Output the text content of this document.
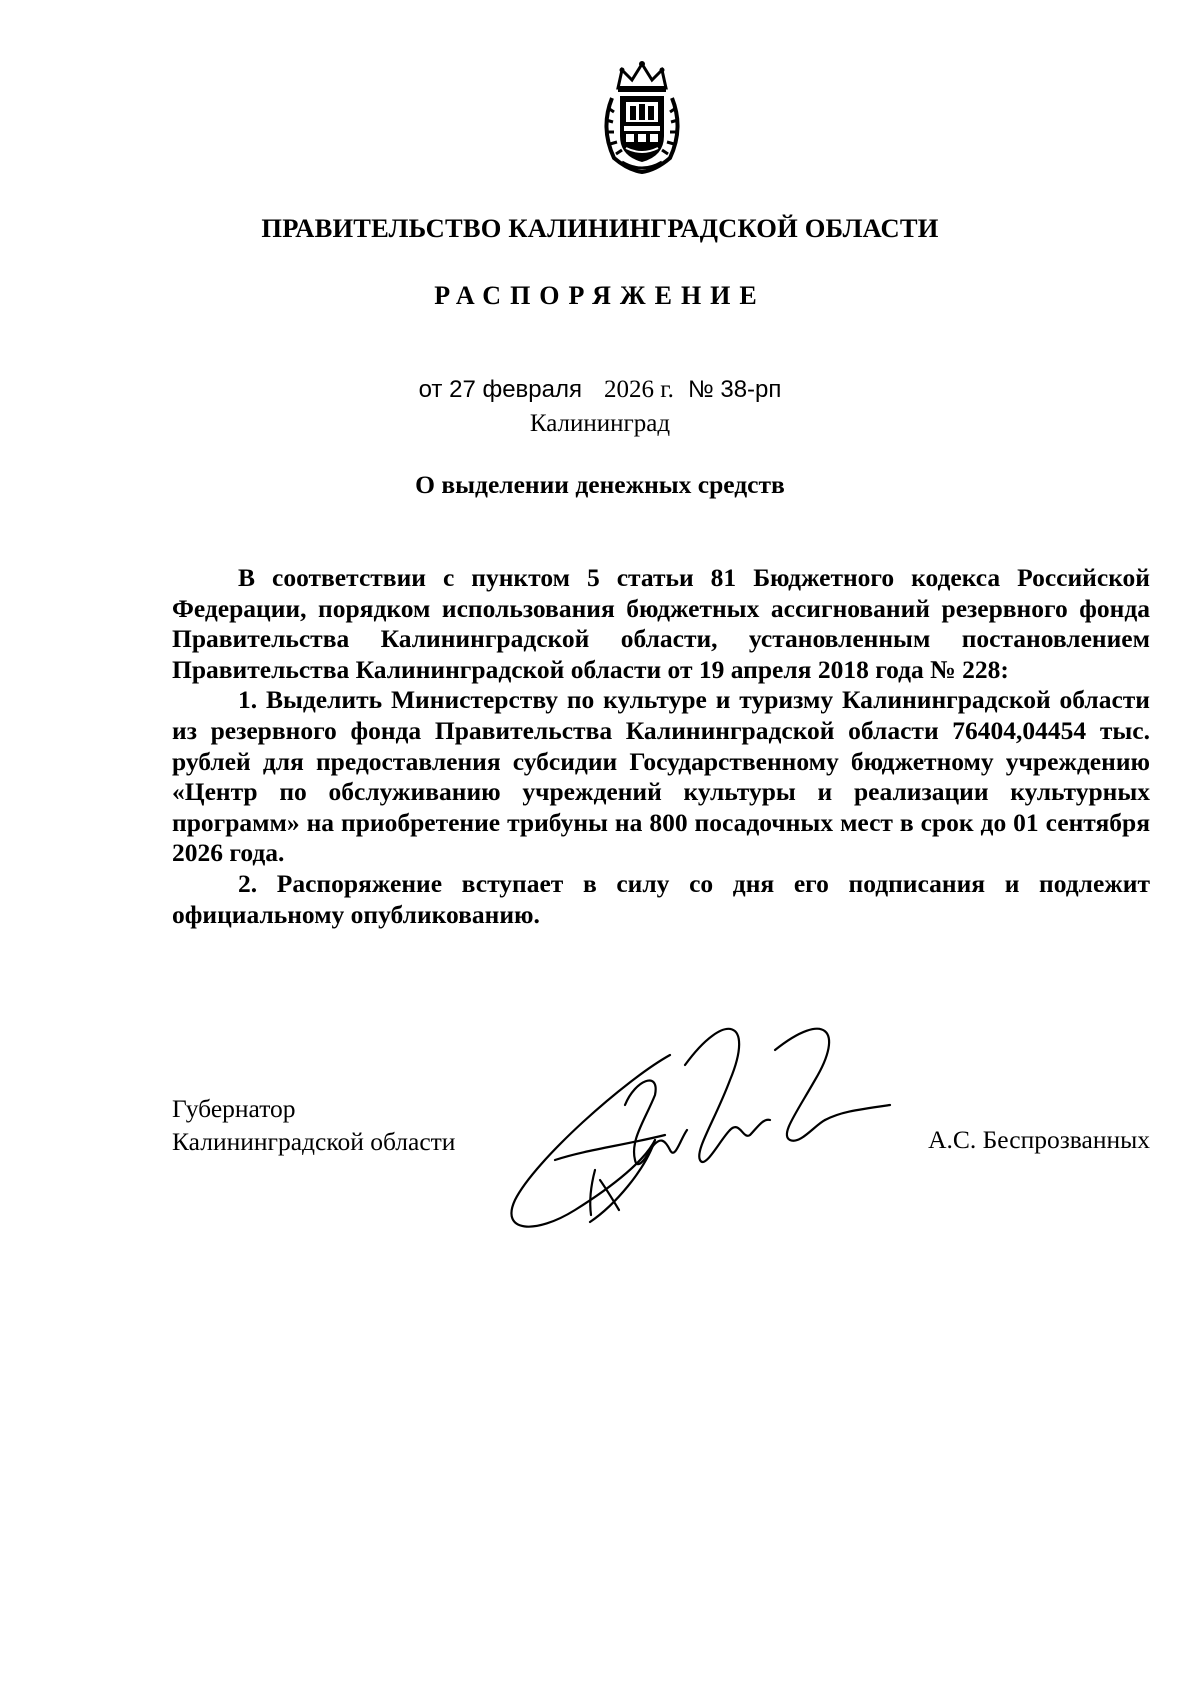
ПРАВИТЕЛЬСТВО КАЛИНИНГРАДСКОЙ ОБЛАСТИ
РАСПОРЯЖЕНИЕ
от 27 февраля 2026 г. № 38-рп
Калининград
О выделении денежных средств

В соответствии с пунктом 5 статьи 81 Бюджетного кодекса Российской Федерации, порядком использования бюджетных ассигнований резервного фонда Правительства Калининградской области, установленным постановлением Правительства Калининградской области от 19 апреля 2018 года № 228:

1. Выделить Министерству по культуре и туризму Калининградской области из резервного фонда Правительства Калининградской области 76404,04454 тыс. рублей для предоставления субсидии Государственному бюджетному учреждению «Центр по обслуживанию учреждений культуры и реализации культурных программ» на приобретение трибуны на 800 посадочных мест в срок до 01 сентября 2026 года.

2. Распоряжение вступает в силу со дня его подписания и подлежит официальному опубликованию.

Губернатор
Калининградской области	А.С. Беспрозванных
